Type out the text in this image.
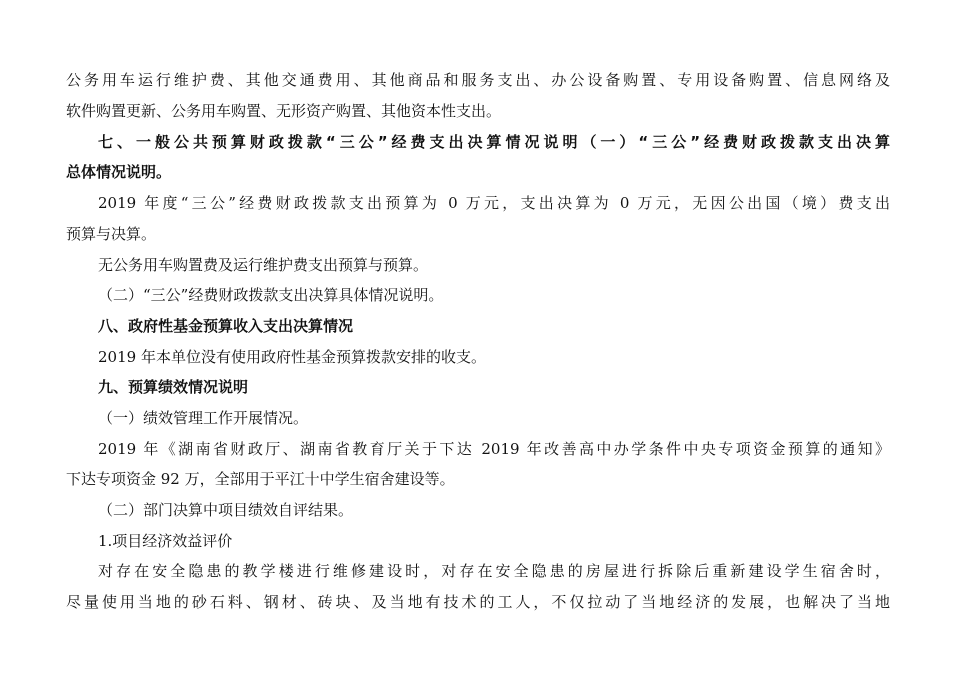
公务用车运行维护费、其他交通费用、其他商品和服务支出、办公设备购置、专用设备购置、信息网络及
软件购置更新、公务用车购置、无形资产购置、其他资本性支出。
七、一般公共预算财政拨款“三公”经费支出决算情况说明（一）“三公”经费财政拨款支出决算
总体情况说明。
2019 年度“三公”经费财政拨款支出预算为 0 万元，支出决算为 0 万元，无因公出国（境）费支出
预算与决算。
无公务用车购置费及运行维护费支出预算与预算。
（二）“三公”经费财政拨款支出决算具体情况说明。
八、政府性基金预算收入支出决算情况
2019 年本单位没有使用政府性基金预算拨款安排的收支。
九、预算绩效情况说明
（一）绩效管理工作开展情况。
2019 年《湖南省财政厅、湖南省教育厅关于下达 2019 年改善高中办学条件中央专项资金预算的通知》
下达专项资金 92 万，全部用于平江十中学生宿舍建设等。
（二）部门决算中项目绩效自评结果。
1.项目经济效益评价
对存在安全隐患的教学楼进行维修建设时，对存在安全隐患的房屋进行拆除后重新建设学生宿舍时，
尽量使用当地的砂石料、钢材、砖块、及当地有技术的工人，不仅拉动了当地经济的发展，也解决了当地
